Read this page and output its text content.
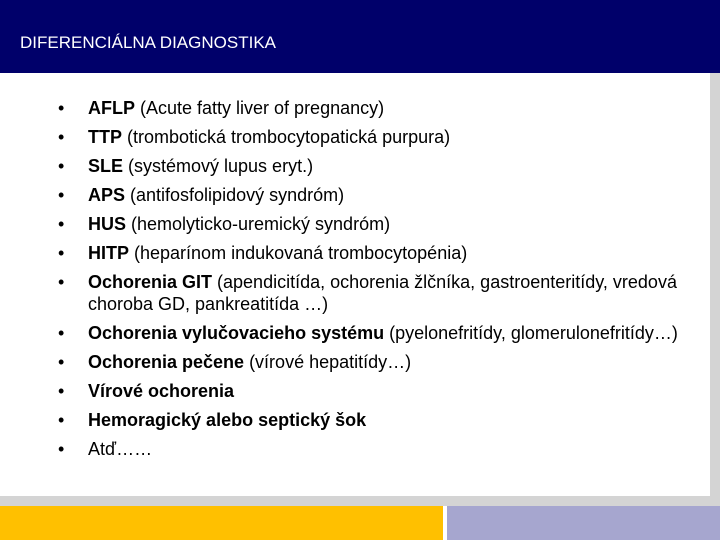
DIFERENCIÁLNA DIAGNOSTIKA
• AFLP (Acute fatty liver of pregnancy)
• TTP (trombotická trombocytopatická purpura)
• SLE (systémový lupus eryt.)
• APS (antifosfolipidový syndróm)
• HUS (hemolyticko-uremický syndróm)
• HITP (heparínom indukovaná trombocytopénia)
• Ochorenia GIT (apendicitída, ochorenia žlčníka, gastroenteritídy, vredová choroba GD, pankreatitída …)
• Ochorenia vylučovacieho systému (pyelonefritídy, glomerulonefritídy…)
• Ochorenia pečene (vírové hepatitídy…)
• Vírové ochorenia
• Hemoragický alebo septický šok
• Atď……
